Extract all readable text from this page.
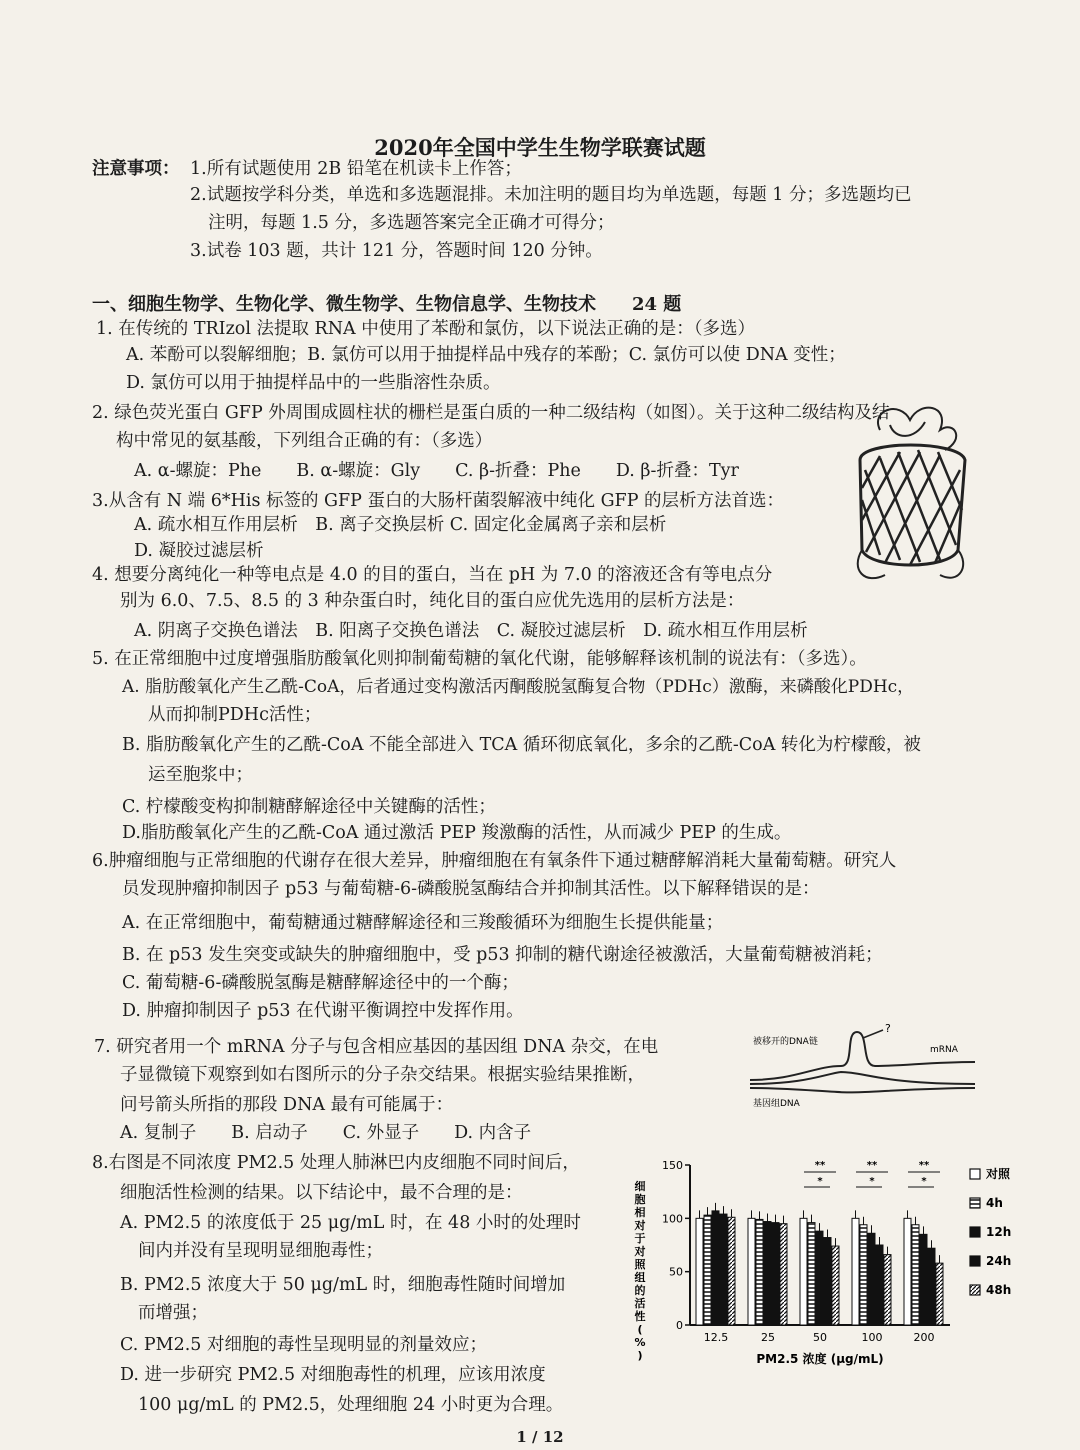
2020年全国中学生生物学联赛试题
注意事项： 1.所有试题使用 2B 铅笔在机读卡上作答；
2.试题按学科分类，单选和多选题混排。未加注明的题目均为单选题，每题 1 分；多选题均已
注明，每题 1.5 分，多选题答案完全正确才可得分；
3.试卷 103 题，共计 121 分，答题时间 120 分钟。
一、细胞生物学、生物化学、微生物学、生物信息学、生物技术　　24 题
1. 在传统的 TRIzol 法提取 RNA 中使用了苯酚和氯仿，以下说法正确的是：（多选）
A. 苯酚可以裂解细胞；B. 氯仿可以用于抽提样品中残存的苯酚；C. 氯仿可以使 DNA 变性；
D. 氯仿可以用于抽提样品中的一些脂溶性杂质。
2. 绿色荧光蛋白 GFP 外周围成圆柱状的栅栏是蛋白质的一种二级结构（如图）。关于这种二级结构及结
构中常见的氨基酸，下列组合正确的有：（多选）
A. α-螺旋：Phe　　B. α-螺旋：Gly　　C. β-折叠：Phe　　D. β-折叠：Tyr
3.从含有 N 端 6*His 标签的 GFP 蛋白的大肠杆菌裂解液中纯化 GFP 的层析方法首选：
A. 疏水相互作用层析　B. 离子交换层析 C. 固定化金属离子亲和层析
D. 凝胶过滤层析
4. 想要分离纯化一种等电点是 4.0 的目的蛋白，当在 pH 为 7.0 的溶液还含有等电点分
别为 6.0、7.5、8.5 的 3 种杂蛋白时，纯化目的蛋白应优先选用的层析方法是：
A. 阴离子交换色谱法　B. 阳离子交换色谱法　C. 凝胶过滤层析　D. 疏水相互作用层析
5. 在正常细胞中过度增强脂肪酸氧化则抑制葡萄糖的氧化代谢，能够解释该机制的说法有：（多选）。
A. 脂肪酸氧化产生乙酰-CoA，后者通过变构激活丙酮酸脱氢酶复合物（PDHc）激酶，来磷酸化PDHc，
从而抑制PDHc活性；
B. 脂肪酸氧化产生的乙酰-CoA 不能全部进入 TCA 循环彻底氧化，多余的乙酰-CoA 转化为柠檬酸，被
运至胞浆中；
C. 柠檬酸变构抑制糖酵解途径中关键酶的活性；
D.脂肪酸氧化产生的乙酰-CoA 通过激活 PEP 羧激酶的活性，从而减少 PEP 的生成。
6.肿瘤细胞与正常细胞的代谢存在很大差异，肿瘤细胞在有氧条件下通过糖酵解消耗大量葡萄糖。研究人
员发现肿瘤抑制因子 p53 与葡萄糖-6-磷酸脱氢酶结合并抑制其活性。以下解释错误的是：
A. 在正常细胞中，葡萄糖通过糖酵解途径和三羧酸循环为细胞生长提供能量；
B. 在 p53 发生突变或缺失的肿瘤细胞中，受 p53 抑制的糖代谢途径被激活，大量葡萄糖被消耗；
C. 葡萄糖-6-磷酸脱氢酶是糖酵解途径中的一个酶；
D. 肿瘤抑制因子 p53 在代谢平衡调控中发挥作用。
7. 研究者用一个 mRNA 分子与包含相应基因的基因组 DNA 杂交，在电
子显微镜下观察到如右图所示的分子杂交结果。根据实验结果推断，
问号箭头所指的那段 DNA 最有可能属于：
A. 复制子　　B. 启动子　　C. 外显子　　D. 内含子
8.右图是不同浓度 PM2.5 处理人肺淋巴内皮细胞不同时间后，
细胞活性检测的结果。以下结论中，最不合理的是：
A. PM2.5 的浓度低于 25 μg/mL 时，在 48 小时的处理时
间内并没有呈现明显细胞毒性；
B. PM2.5 浓度大于 50 μg/mL 时，细胞毒性随时间增加
而增强；
C. PM2.5 对细胞的毒性呈现明显的剂量效应；
D. 进一步研究 PM2.5 对细胞毒性的机理，应该用浓度
100 μg/mL 的 PM2.5，处理细胞 24 小时更为合理。
1 / 12
被移开的DNA链
?
mRNA
基因组DNA
细
胞
相
对
于
对
照
组
的
活
性
(
%
)
0
50
100
150
12.5	25	50
**
*
100
**
*
200
**
*
PM2.5 浓度 (μg/mL)
对照
4h
12h
24h
48h
